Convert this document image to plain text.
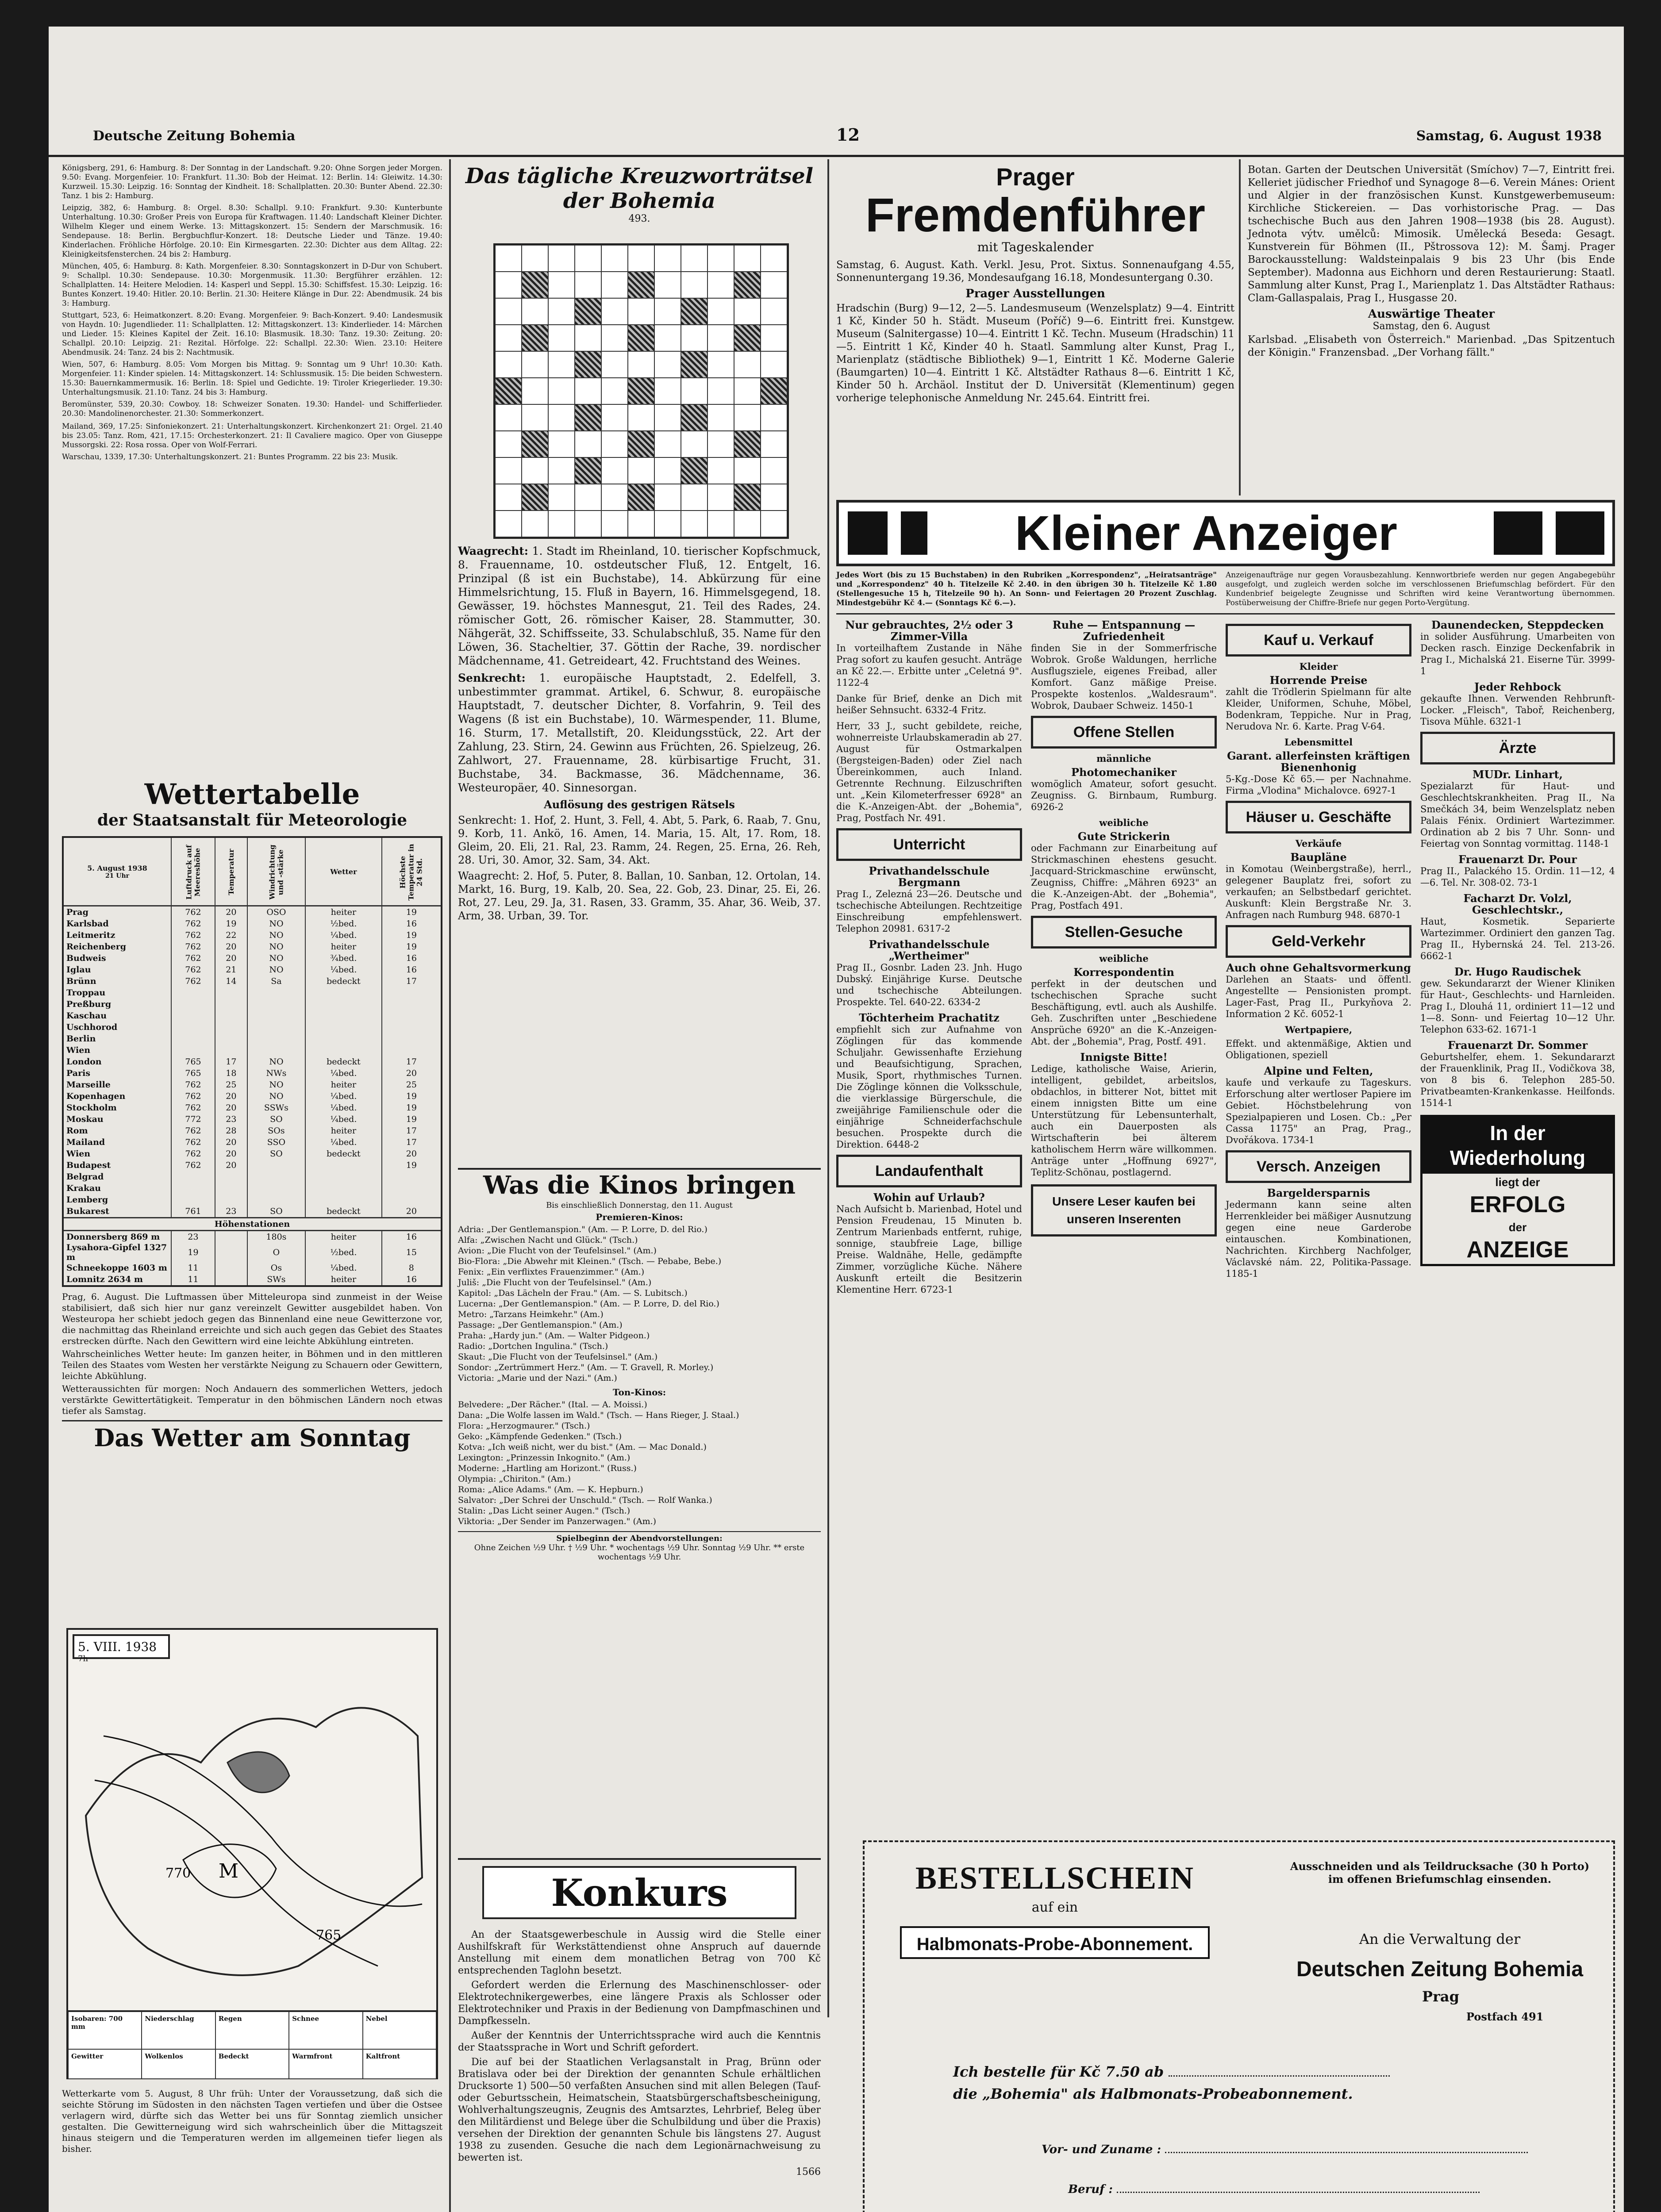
Deutsche Zeitung Bohemia	12	Samstag, 6. August 1938

Königsberg, 291, 6: Hamburg. 8: Der Sonntag in der Landschaft. 9.20: Ohne Sorgen jeder Morgen. 9.50: Evang. Morgenfeier. 10: Frankfurt. 11.30: Bob der Heimat. 12: Berlin. 14: Gleiwitz. 14.30: Kurzweil. 15.30: Leipzig. 16: Sonntag der Kindheit. 18: Schallplatten. 20.30: Bunter Abend. 22.30: Tanz. 1 bis 2: Hamburg.

Leipzig, 382, 6: Hamburg. 8: Orgel. 8.30: Schallpl. 9.10: Frankfurt. 9.30: Kunterbunte Unterhaltung. 10.30: Großer Preis von Europa für Kraftwagen. 11.40: Landschaft Kleiner Dichter. Wilhelm Kleger und einem Werke. 13: Mittagskonzert. 15: Sendern der Marschmusik. 16: Sendepause. 18: Berlin. Bergbuchflur-Konzert. 18: Deutsche Lieder und Tänze. 19.40: Kinderlachen. Fröhliche Hörfolge. 20.10: Ein Kirmesgarten. 22.30: Dichter aus dem Alltag. 22: Kleinigkeitsfensterchen. 24 bis 2: Hamburg.

München, 405, 6: Hamburg. 8: Kath. Morgenfeier. 8.30: Sonntagskonzert in D-Dur von Schubert. 9: Schallpl. 10.30: Sendepause. 10.30: Morgenmusik. 11.30: Bergführer erzählen. 12: Schallplatten. 14: Heitere Melodien. 14: Kasperl und Seppl. 15.30: Schiffsfest. 15.30: Leipzig. 16: Buntes Konzert. 19.40: Hitler. 20.10: Berlin. 21.30: Heitere Klänge in Dur. 22: Abendmusik. 24 bis 3: Hamburg.

Stuttgart, 523, 6: Heimatkonzert. 8.20: Evang. Morgenfeier. 9: Bach-Konzert. 9.40: Landesmusik von Haydn. 10: Jugendlieder. 11: Schallplatten. 12: Mittagskonzert. 13: Kinderlieder. 14: Märchen und Lieder. 15: Kleines Kapitel der Zeit. 16.10: Blasmusik. 18.30: Tanz. 19.30: Zeitung. 20: Schallpl. 20.10: Leipzig. 21: Rezital. Hörfolge. 22: Schallpl. 22.30: Wien. 23.10: Heitere Abendmusik. 24: Tanz. 24 bis 2: Nachtmusik.

Wien, 507, 6: Hamburg. 8.05: Vom Morgen bis Mittag. 9: Sonntag um 9 Uhr! 10.30: Kath. Morgenfeier. 11: Kinder spielen. 14: Mittagskonzert. 14: Schlussmusik. 15: Die beiden Schwestern. 15.30: Bauernkammermusik. 16: Berlin. 18: Spiel und Gedichte. 19: Tiroler Kriegerlieder. 19.30: Unterhaltungsmusik. 21.10: Tanz. 24 bis 3: Hamburg.

Beromünster, 539, 20.30: Cowboy. 18: Schweizer Sonaten. 19.30: Handel- und Schifferlieder. 20.30: Mandolinenorchester. 21.30: Sommerkonzert.

Mailand, 369, 17.25: Sinfoniekonzert. 21: Unterhaltungskonzert. Kirchenkonzert 21: Orgel. 21.40 bis 23.05: Tanz. Rom, 421, 17.15: Orchesterkonzert. 21: Il Cavaliere magico. Oper von Giuseppe Mussorgski. 22: Rosa rossa. Oper von Wolf-Ferrari.

Warschau, 1339, 17.30: Unterhaltungskonzert. 21: Buntes Programm. 22 bis 23: Musik.

Wettertabelle
der Staatsanstalt für Meteorologie
5. August 1938
21 Uhr	Luftdruck auf Meereshöhe	Temperatur	Windrichtung und -stärke	Wetter	Höchste Temperatur in 24 Std.
Prag	762	20	OSO	heiter	19
Karlsbad	762	19	NO	½bed.	16
Leitmeritz	762	22	NO	¼bed.	19
Reichenberg	762	20	NO	heiter	19
Budweis	762	20	NO	¾bed.	16
Iglau	762	21	NO	¼bed.	16
Brünn	762	14	Sa	bedeckt	17
Troppau					
Preßburg					
Kaschau					
Uschhorod					
Berlin					
Wien					
London	765	17	NO	bedeckt	17
Paris	765	18	NWs	¼bed.	20
Marseille	762	25	NO	heiter	25
Kopenhagen	762	20	NO	¼bed.	19
Stockholm	762	20	SSWs	¼bed.	19
Moskau	772	23	SO	¼bed.	19
Rom	762	28	SOs	heiter	17
Mailand	762	20	SSO	¼bed.	17
Wien	762	20	SO	bedeckt	20
Budapest	762	20			19
Belgrad					
Krakau					
Lemberg					
Bukarest	761	23	SO	bedeckt	20
Höhenstationen					
Donnersberg 869 m	23		180s	heiter	16
Lysahora-Gipfel 1327 m	19		O	½bed.	15
Schneekoppe 1603 m	11		Os	¼bed.	8
Lomnitz 2634 m	11		SWs	heiter	16

Prag, 6. August. Die Luftmassen über Mitteleuropa sind zunmeist in der Weise stabilisiert, daß sich hier nur ganz vereinzelt Gewitter ausgebildet haben. Von Westeuropa her schiebt jedoch gegen das Binnenland eine neue Gewitterzone vor, die nachmittag das Rheinland erreichte und sich auch gegen das Gebiet des Staates erstrecken dürfte. Nach den Gewittern wird eine leichte Abkühlung eintreten.

Wahrscheinliches Wetter heute: Im ganzen heiter, in Böhmen und in den mittleren Teilen des Staates vom Westen her verstärkte Neigung zu Schauern oder Gewittern, leichte Abkühlung.

Wetteraussichten für morgen: Noch Andauern des sommerlichen Wetters, jedoch verstärkte Gewittertätigkeit. Temperatur in den böhmischen Ländern noch etwas tiefer als Samstag.

Das Wetter am Sonntag
5. VIII. 1938 $^{7h}$
M
770
765
Isobaren: 700 mm
Niederschlag	Regen	Schnee	Nebel
Gewitter	Wolkenlos	Bedeckt	Warmfront	Kaltfront

Wetterkarte vom 5. August, 8 Uhr früh: Unter der Voraussetzung, daß sich die seichte Störung im Südosten in den nächsten Tagen vertiefen und über die Ostsee verlagern wird, dürfte sich das Wetter bei uns für Sonntag ziemlich unsicher gestalten. Die Gewitterneigung wird sich wahrscheinlich über die Mittagszeit hinaus steigern und die Temperaturen werden im allgemeinen tiefer liegen als bisher.

Das tägliche Kreuzworträtsel der Bohemia
493.

Waagrecht: 1. Stadt im Rheinland, 10. tierischer Kopfschmuck, 8. Frauenname, 10. ostdeutscher Fluß, 12. Entgelt, 16. Prinzipal (ß ist ein Buchstabe), 14. Abkürzung für eine Himmelsrichtung, 15. Fluß in Bayern, 16. Himmelsgegend, 18. Gewässer, 19. höchstes Mannesgut, 21. Teil des Rades, 24. römischer Gott, 26. römischer Kaiser, 28. Stammutter, 30. Nähgerät, 32. Schiffsseite, 33. Schulabschluß, 35. Name für den Löwen, 36. Stacheltier, 37. Göttin der Rache, 39. nordischer Mädchenname, 41. Getreideart, 42. Fruchtstand des Weines.

Senkrecht: 1. europäische Hauptstadt, 2. Edelfell, 3. unbestimmter grammat. Artikel, 6. Schwur, 8. europäische Hauptstadt, 7. deutscher Dichter, 8. Vorfahrin, 9. Teil des Wagens (ß ist ein Buchstabe), 10. Wärmespender, 11. Blume, 16. Sturm, 17. Metallstift, 20. Kleidungsstück, 22. Art der Zahlung, 23. Stirn, 24. Gewinn aus Früchten, 26. Spielzeug, 26. Zahlwort, 27. Frauenname, 28. kürbisartige Frucht, 31. Buchstabe, 34. Backmasse, 36. Mädchenname, 36. Westeuropäer, 40. Sinnesorgan.

Auflösung des gestrigen Rätsels

Senkrecht: 1. Hof, 2. Hunt, 3. Fell, 4. Abt, 5. Park, 6. Raab, 7. Gnu, 9. Korb, 11. Ankö, 16. Amen, 14. Maria, 15. Alt, 17. Rom, 18. Gleim, 20. Eli, 21. Ral, 23. Ramm, 24. Regen, 25. Erna, 26. Reh, 28. Uri, 30. Amor, 32. Sam, 34. Akt.

Waagrecht: 2. Hof, 5. Puter, 8. Ballan, 10. Sanban, 12. Ortolan, 14. Markt, 16. Burg, 19. Kalb, 20. Sea, 22. Gob, 23. Dinar, 25. Ei, 26. Rot, 27. Leu, 29. Ja, 31. Rasen, 33. Gramm, 35. Ahar, 36. Weib, 37. Arm, 38. Urban, 39. Tor.

Was die Kinos bringen
Bis einschließlich Donnerstag, den 11. August
Premieren-Kinos:
Adria: „Der Gentlemanspion." (Am. — P. Lorre, D. del Rio.)
Alfa: „Zwischen Nacht und Glück." (Tsch.)
Avion: „Die Flucht von der Teufelsinsel." (Am.)
Bio-Flora: „Die Abwehr mit Kleinen." (Tsch. — Pebabe, Bebe.)
Fenix: „Ein verflixtes Frauenzimmer." (Am.)
Juliš: „Die Flucht von der Teufelsinsel." (Am.)
Kapitol: „Das Lächeln der Frau." (Am. — S. Lubitsch.)
Lucerna: „Der Gentlemanspion." (Am. — P. Lorre, D. del Rio.)
Metro: „Tarzans Heimkehr." (Am.)
Passage: „Der Gentlemanspion." (Am.)
Praha: „Hardy jun." (Am. — Walter Pidgeon.)
Radio: „Dortchen Ingulina." (Tsch.)
Skaut: „Die Flucht von der Teufelsinsel." (Am.)
Sondor: „Zertrümmert Herz." (Am. — T. Gravell, R. Morley.)
Victoria: „Marie und der Nazi." (Am.)
Ton-Kinos:
Belvedere: „Der Rächer." (Ital. — A. Moissi.)
Dana: „Die Wolfe lassen im Wald." (Tsch. — Hans Rieger, J. Staal.)
Flora: „Herzogmaurer." (Tsch.)
Geko: „Kämpfende Gedenken." (Tsch.)
Kotva: „Ich weiß nicht, wer du bist." (Am. — Mac Donald.)
Lexington: „Prinzessin Inkognito." (Am.)
Moderne: „Hartling am Horizont." (Russ.)
Olympia: „Chiriton." (Am.)
Roma: „Alice Adams." (Am. — K. Hepburn.)
Salvator: „Der Schrei der Unschuld." (Tsch. — Rolf Wanka.)
Stalin: „Das Licht seiner Augen." (Tsch.)
Viktoria: „Der Sender im Panzerwagen." (Am.)
Spielbeginn der Abendvorstellungen:
Ohne Zeichen ½9 Uhr. † ½9 Uhr. * wochentags ½9 Uhr. Sonntag ½9 Uhr. ** erste wochentags ½9 Uhr.
Konkurs

An der Staatsgewerbeschule in Aussig wird die Stelle einer Aushilfskraft für Werkstättendienst ohne Anspruch auf dauernde Anstellung mit einem dem monatlichen Betrag von 700 Kč entsprechenden Taglohn besetzt.

Gefordert werden die Erlernung des Maschinenschlosser- oder Elektrotechnikergewerbes, eine längere Praxis als Schlosser oder Elektrotechniker und Praxis in der Bedienung von Dampfmaschinen und Dampfkesseln.

Außer der Kenntnis der Unterrichtssprache wird auch die Kenntnis der Staatssprache in Wort und Schrift gefordert.

Die auf bei der Staatlichen Verlagsanstalt in Prag, Brünn oder Bratislava oder bei der Direktion der genannten Schule erhältlichen Drucksorte 1) 500—50 verfaßten Ansuchen sind mit allen Belegen (Tauf- oder Geburtsschein, Heimatschein, Staatsbürgerschaftsbescheinigung, Wohlverhaltungszeugnis, Zeugnis des Amtsarztes, Lehrbrief, Beleg über den Militärdienst und Belege über die Schulbildung und über die Praxis) versehen der Direktion der genannten Schule bis längstens 27. August 1938 zu zusenden. Gesuche die nach dem Legionärnachweisung zu bewerten ist.

1566
Prager
Fremdenführer
mit Tageskalender

Samstag, 6. August. Kath. Verkl. Jesu, Prot. Sixtus. Sonnenaufgang 4.55, Sonnenuntergang 19.36, Mondesaufgang 16.18, Mondesuntergang 0.30.

Prager Ausstellungen

Hradschin (Burg) 9—12, 2—5. Landesmuseum (Wenzelsplatz) 9—4. Eintritt 1 Kč, Kinder 50 h. Städt. Museum (Poříč) 9—6. Eintritt frei. Kunstgew. Museum (Salnitergasse) 10—4. Eintritt 1 Kč. Techn. Museum (Hradschin) 11—5. Eintritt 1 Kč, Kinder 40 h. Staatl. Sammlung alter Kunst, Prag I., Marienplatz (städtische Bibliothek) 9—1, Eintritt 1 Kč. Moderne Galerie (Baumgarten) 10—4. Eintritt 1 Kč. Altstädter Rathaus 8—6. Eintritt 1 Kč, Kinder 50 h. Archäol. Institut der D. Universität (Klementinum) gegen vorherige telephonische Anmeldung Nr. 245.64. Eintritt frei.

Botan. Garten der Deutschen Universität (Smíchov) 7—7, Eintritt frei. Kelleriet jüdischer Friedhof und Synagoge 8—6. Verein Mánes: Orient und Algier in der französischen Kunst. Kunstgewerbemuseum: Kirchliche Stickereien. — Das vorhistorische Prag. — Das tschechische Buch aus den Jahren 1908—1938 (bis 28. August). Jednota výtv. umělců: Mimosik. Umělecká Beseda: Gesagt. Kunstverein für Böhmen (II., Pštrossova 12): M. Šamj. Prager Barockausstellung: Waldsteinpalais 9 bis 23 Uhr (bis Ende September). Madonna aus Eichhorn und deren Restaurierung: Staatl. Sammlung alter Kunst, Prag I., Marienplatz 1. Das Altstädter Rathaus: Clam-Gallaspalais, Prag I., Husgasse 20.

Auswärtige Theater
Samstag, den 6. August

Karlsbad. „Elisabeth von Österreich." Marienbad. „Das Spitzentuch der Königin." Franzensbad. „Der Vorhang fällt."

Kleiner Anzeiger
Jedes Wort (bis zu 15 Buchstaben) in den Rubriken „Korrespondenz", „Heiratsanträge" und „Korrespondenz" 40 h. Titelzeile Kč 2.40. in den übrigen 30 h. Titelzeile Kč 1.80 (Stellengesuche 15 h, Titelzeile 90 h). An Sonn- und Feiertagen 20 Prozent Zuschlag. Mindestgebühr Kč 4.— (Sonntags Kč 6.—).
Anzeigenaufträge nur gegen Vorausbezahlung. Kennwortbriefe werden nur gegen Angabegebühr ausgefolgt, und zugleich werden solche im verschlossenen Briefumschlag befördert. Für den Kundenbrief beigelegte Zeugnisse und Schriften wird keine Verantwortung übernommen. Postüberweisung der Chiffre-Briefe nur gegen Porto-Vergütung.
Nur gebrauchtes, 2½ oder 3 Zimmer-Villa
In vorteilhaftem Zustande in Nähe Prag sofort zu kaufen gesucht. Anträge an Kč 22.—. Erbitte unter „Celetná 9". 1122-4
Danke für Brief, denke an Dich mit heißer Sehnsucht. 6332-4 Fritz.
Herr, 33 J., sucht gebildete, reiche, wohnerreiste Urlaubskameradin ab 27. August für Ostmarkalpen (Bergsteigen-Baden) oder Ziel nach Übereinkommen, auch Inland. Getrennte Rechnung. Eilzuschriften unt. „Kein Kilometerfresser 6928" an die K.-Anzeigen-Abt. der „Bohemia", Prag, Postfach Nr. 491.
Unterricht
Privathandelsschule Bergmann
Prag I., Zelezná 23—26. Deutsche und tschechische Abteilungen. Rechtzeitige Einschreibung empfehlenswert. Telephon 20981. 6317-2
Privathandelsschule „Wertheimer"
Prag II., Gosnbr. Laden 23. Jnh. Hugo Dubský. Einjährige Kurse. Deutsche und tschechische Abteilungen. Prospekte. Tel. 640-22. 6334-2
Töchterheim Prachatitz
empfiehlt sich zur Aufnahme von Zöglingen für das kommende Schuljahr. Gewissenhafte Erziehung und Beaufsichtigung, Sprachen, Musik, Sport, rhythmisches Turnen. Die Zöglinge können die Volksschule, die vierklassige Bürgerschule, die zweijährige Familienschule oder die einjährige Schneiderfachschule besuchen. Prospekte durch die Direktion. 6448-2
Landaufenthalt
Wohin auf Urlaub?
Nach Aufsicht b. Marienbad, Hotel und Pension Freudenau, 15 Minuten b. Zentrum Marienbads entfernt, ruhige, sonnige, staubfreie Lage, billige Preise. Waldnähe, Helle, gedämpfte Zimmer, vorzügliche Küche. Nähere Auskunft erteilt die Besitzerin Klementine Herr. 6723-1
Ruhe — Entspannung — Zufriedenheit
finden Sie in der Sommerfrische Wobrok. Große Waldungen, herrliche Ausflugsziele, eigenes Freibad, aller Komfort. Ganz mäßige Preise. Prospekte kostenlos. „Waldesraum". Wobrok, Daubaer Schweiz. 1450-1
Offene Stellen
männliche
Photomechaniker
womöglich Amateur, sofort gesucht. Zeugniss. G. Birnbaum, Rumburg. 6926-2
weibliche
Gute Strickerin
oder Fachmann zur Einarbeitung auf Strickmaschinen ehestens gesucht. Jacquard-Strickmaschine erwünscht, Zeugniss, Chiffre: „Mähren 6923" an die K.-Anzeigen-Abt. der „Bohemia", Prag, Postfach 491.
Stellen-Gesuche
weibliche
Korrespondentin
perfekt in der deutschen und tschechischen Sprache sucht Beschäftigung, evtl. auch als Aushilfe. Geh. Zuschriften unter „Beschiedene Ansprüche 6920" an die K.-Anzeigen-Abt. der „Bohemia", Prag, Postf. 491.
Innigste Bitte!
Ledige, katholische Waise, Arierin, intelligent, gebildet, arbeitslos, obdachlos, in bitterer Not, bittet mit einem innigsten Bitte um eine Unterstützung für Lebensunterhalt, auch ein Dauerposten als Wirtschafterin bei älterem katholischem Herrn wäre willkommen. Anträge unter „Hoffnung 6927", Teplitz-Schönau, postlagernd.
Unsere Leser kaufen bei unseren Inserenten
Kauf u. Verkauf
Kleider
Horrende Preise
zahlt die Trödlerin Spielmann für alte Kleider, Uniformen, Schuhe, Möbel, Bodenkram, Teppiche. Nur in Prag, Nerudova Nr. 6. Karte. Prag V-64.
Lebensmittel
Garant. allerfeinsten kräftigen Bienenhonig
5-Kg.-Dose Kč 65.— per Nachnahme. Firma „Vlodina" Michalovce. 6927-1
Häuser u. Geschäfte
Verkäufe
Baupläne
in Komotau (Weinbergstraße), herrl., gelegener Bauplatz frei, sofort zu verkaufen; an Selbstbedarf gerichtet. Auskunft: Klein Bergstraße Nr. 3. Anfragen nach Rumburg 948. 6870-1
Geld-Verkehr
Auch ohne Gehaltsvormerkung
Darlehen an Staats- und öffentl. Angestellte — Pensionisten prompt. Lager-Fast, Prag II., Purkyňova 2. Information 2 Kč. 6052-1
Wertpapiere,
Effekt. und aktenmäßige, Aktien und Obligationen, speziell
Alpine und Felten,
kaufe und verkaufe zu Tageskurs. Erforschung alter wertloser Papiere im Gebiet. Höchstbelehrung von Spezialpapieren und Losen. Cb.: „Per Cassa 1175" an Prag, Prag., Dvořákova. 1734-1
Versch. Anzeigen
Bargeldersparnis
Jedermann kann seine alten Herrenkleider bei mäßiger Ausnutzung gegen eine neue Garderobe eintauschen. Kombinationen, Nachrichten. Kirchberg Nachfolger, Václavské nám. 22, Politika-Passage. 1185-1
Daunendecken, Steppdecken
in solider Ausführung. Umarbeiten von Decken rasch. Einzige Deckenfabrik in Prag I., Michalská 21. Eiserne Tür. 3999-1
Jeder Rehbock
gekaufte Ihnen. Verwenden Rehbrunft-Locker. „Fleisch", Taboř, Reichenberg, Tisova Mühle. 6321-1
Ärzte
MUDr. Linhart,
Spezialarzt für Haut- und Geschlechtskrankheiten. Prag II., Na Smečkách 34, beim Wenzelsplatz neben Palais Fénix. Ordiniert Wartezimmer. Ordination ab 2 bis 7 Uhr. Sonn- und Feiertag von Sonntag vormittag. 1148-1
Frauenarzt Dr. Pour
Prag II., Palackého 15. Ordin. 11—12, 4—6. Tel. Nr. 308-02. 73-1
Facharzt Dr. Volzl, Geschlechtskr.,
Haut, Kosmetik. Separierte Wartezimmer. Ordiniert den ganzen Tag. Prag II., Hybernská 24. Tel. 213-26. 6662-1
Dr. Hugo Raudischek
gew. Sekundararzt der Wiener Kliniken für Haut-, Geschlechts- und Harnleiden. Prag I., Dlouhá 11, ordiniert 11—12 und 1—8. Sonn- und Feiertag 10—12 Uhr. Telephon 633-62. 1671-1
Frauenarzt Dr. Sommer
Geburtshelfer, ehem. 1. Sekundararzt der Frauenklinik, Prag II., Vodičkova 38, von 8 bis 6. Telephon 285-50. Privatbeamten-Krankenkasse. Heilfonds. 1514-1
In der Wiederholung
liegt der
ERFOLG
der
ANZEIGE
BESTELLSCHEIN
auf ein
Halbmonats-Probe-Abonnement.
Ausschneiden und als Teildrucksache (30 h Porto) im offenen Briefumschlag einsenden.
An die Verwaltung der
Deutschen Zeitung Bohemia
Prag
Postfach 491
Ich bestelle für Kč 7.50 ab
die „Bohemia" als Halbmonats-Probeabonnement.
Vor- und Zuname :
Beruf :
